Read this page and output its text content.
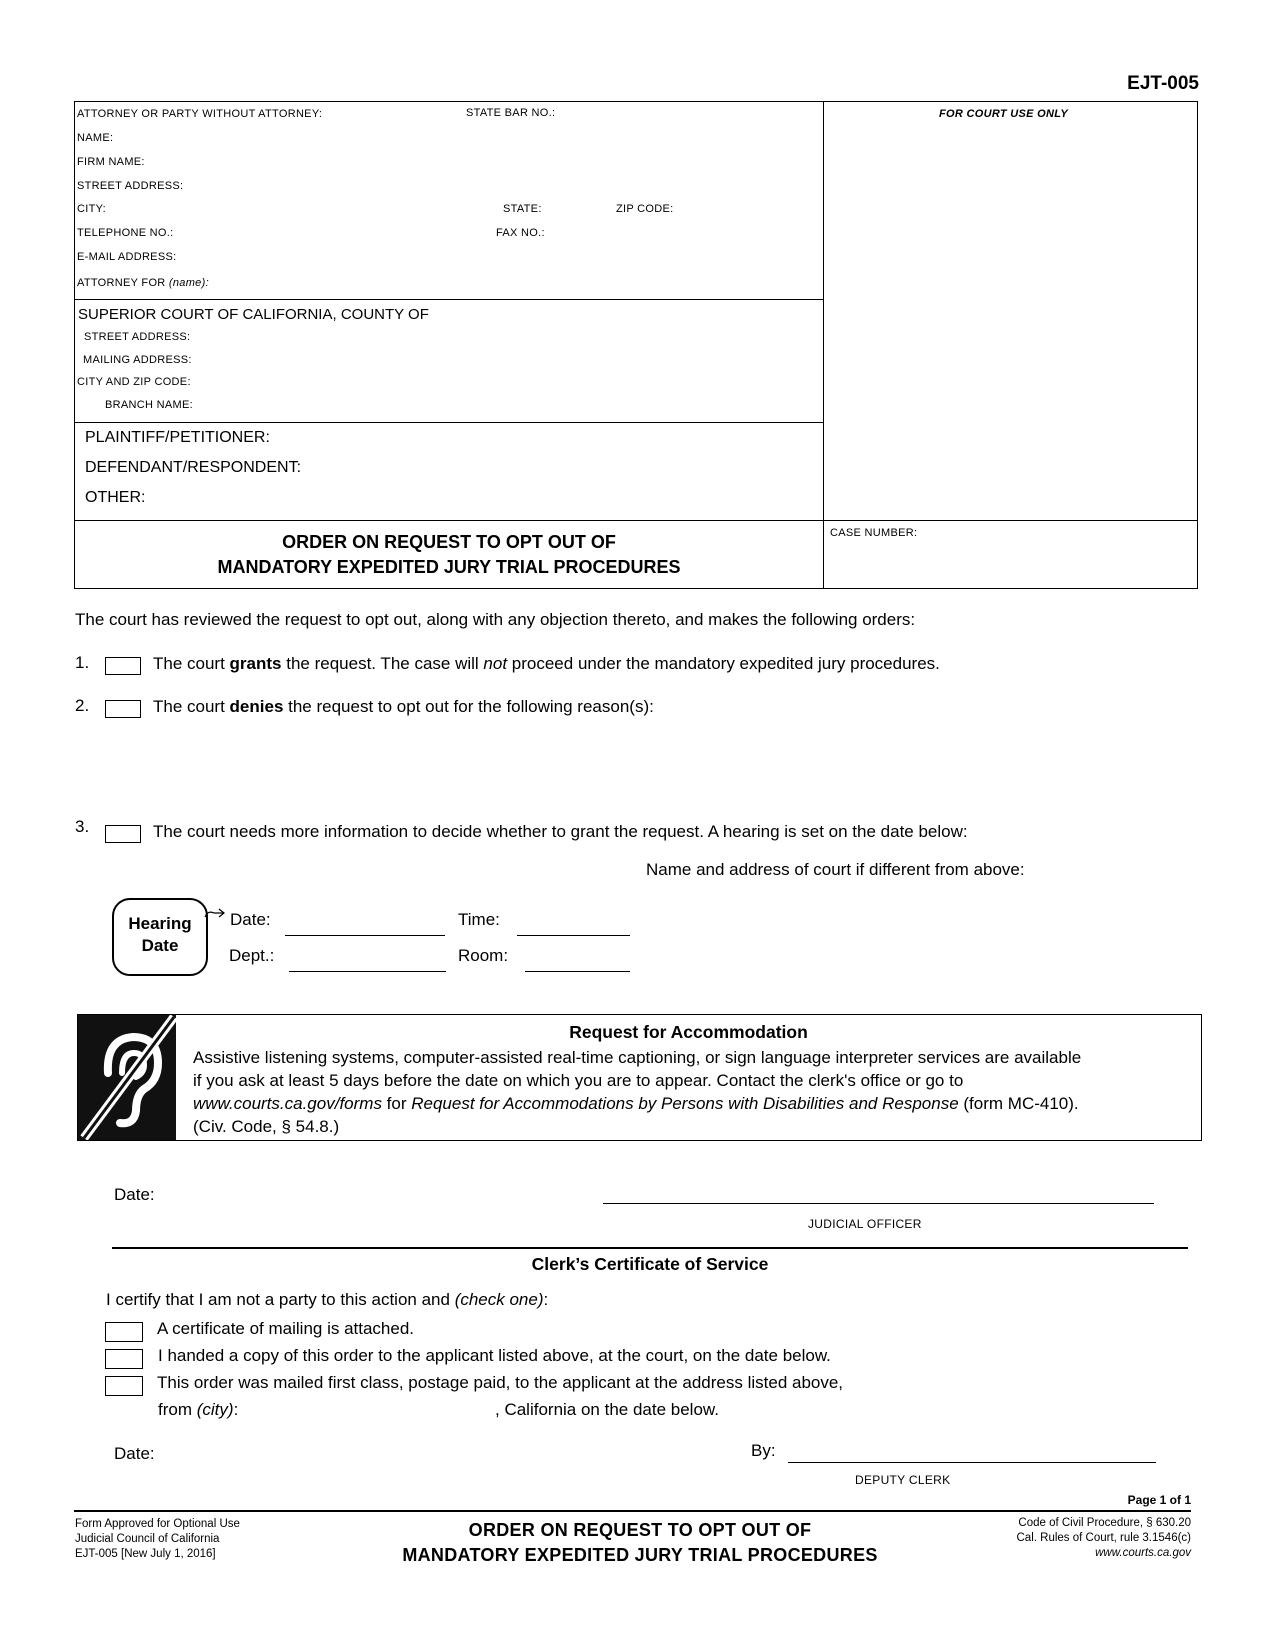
EJT-005
ATTORNEY OR PARTY WITHOUT ATTORNEY:	STATE BAR NO.:
NAME:
FIRM NAME:
STREET ADDRESS:
CITY:	STATE:	ZIP CODE:
TELEPHONE NO.:	FAX NO.:
E-MAIL ADDRESS:
ATTORNEY FOR (name):
FOR COURT USE ONLY
SUPERIOR COURT OF CALIFORNIA, COUNTY OF
STREET ADDRESS:
MAILING ADDRESS:
CITY AND ZIP CODE:
BRANCH NAME:
PLAINTIFF/PETITIONER:
DEFENDANT/RESPONDENT:
OTHER:
ORDER ON REQUEST TO OPT OUT OF
MANDATORY EXPEDITED JURY TRIAL PROCEDURES
CASE NUMBER:
The court has reviewed the request to opt out, along with any objection thereto, and makes the following orders:
1.	The court grants the request. The case will not proceed under the mandatory expedited jury procedures.
2.	The court denies the request to opt out for the following reason(s):
3.	The court needs more information to decide whether to grant the request. A hearing is set on the date below:
Name and address of court if different from above:
Hearing
Date
Date:	Time:
Dept.:	Room:
Request for Accommodation
Assistive listening systems, computer-assisted real-time captioning, or sign language interpreter services are available
if you ask at least 5 days before the date on which you are to appear. Contact the clerk's office or go to
www.courts.ca.gov/forms for Request for Accommodations by Persons with Disabilities and Response (form MC-410).
(Civ. Code, § 54.8.)
Date:
JUDICIAL OFFICER
Clerk’s Certificate of Service
I certify that I am not a party to this action and (check one):
A certificate of mailing is attached.
I handed a copy of this order to the applicant listed above, at the court, on the date below.
This order was mailed first class, postage paid, to the applicant at the address listed above,
from (city):	, California on the date below.
Date:	By:
DEPUTY CLERK
Page 1 of 1
Form Approved for Optional Use
Judicial Council of California
EJT-005 [New July 1, 2016]
ORDER ON REQUEST TO OPT OUT OF
MANDATORY EXPEDITED JURY TRIAL PROCEDURES
Code of Civil Procedure, § 630.20
Cal. Rules of Court, rule 3.1546(c)
www.courts.ca.gov
